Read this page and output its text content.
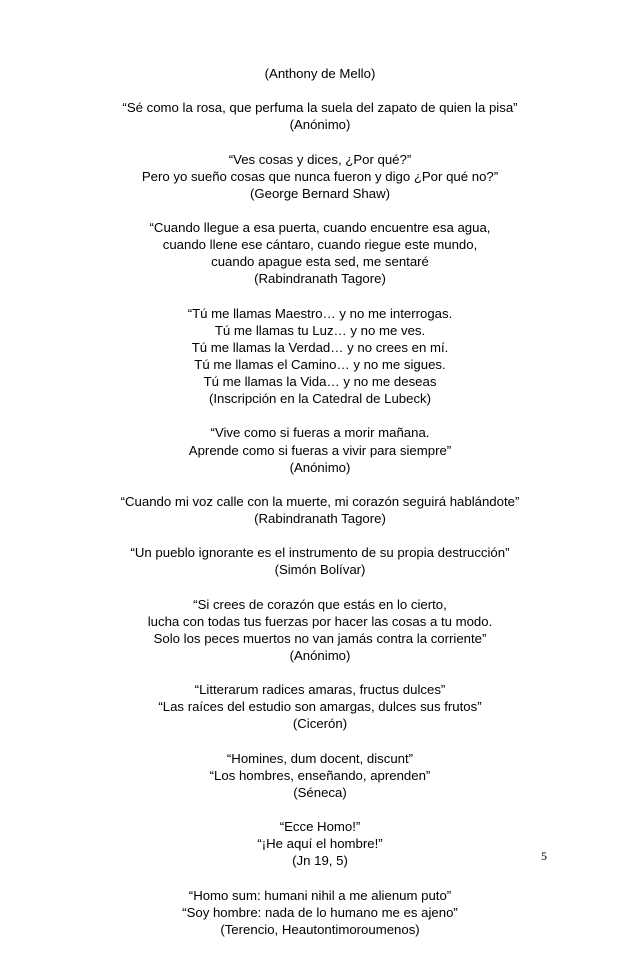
(Anthony de Mello)
“Sé como la rosa, que perfuma la suela del zapato de quien la pisa”
(Anónimo)
“Ves cosas y dices, ¿Por qué?”
Pero yo sueño cosas que nunca fueron y digo ¿Por qué no?”
(George Bernard Shaw)
“Cuando llegue a esa puerta, cuando encuentre esa agua,
cuando llene ese cántaro, cuando riegue este mundo,
cuando apague esta sed, me sentaré
(Rabindranath Tagore)
“Tú me llamas Maestro… y no me interrogas.
Tú me llamas tu Luz… y no me ves.
Tú me llamas la Verdad… y no crees en mí.
Tú me llamas el Camino… y no me sigues.
Tú me llamas la Vida… y no me deseas
(Inscripción en la Catedral de Lubeck)
“Vive como si fueras a morir mañana.
Aprende como si fueras a vivir para siempre”
(Anónimo)
“Cuando mi voz calle con la muerte, mi corazón seguirá hablándote”
(Rabindranath Tagore)
“Un pueblo ignorante es el instrumento de su propia destrucción”
(Simón Bolívar)
“Si crees de corazón que estás en lo cierto,
lucha con todas tus fuerzas por hacer las cosas a tu modo.
Solo los peces muertos no van jamás contra la corriente”
(Anónimo)
“Litterarum radices amaras, fructus dulces”
“Las raíces del estudio son amargas, dulces sus frutos”
(Cicerón)
“Homines, dum docent, discunt”
“Los hombres, enseñando, aprenden”
(Séneca)
“Ecce Homo!”
“¡He aquí el hombre!”
(Jn 19, 5)
“Homo sum: humani nihil a me alienum puto”
“Soy hombre: nada de lo humano me es ajeno”
(Terencio, Heautontimoroumenos)
5
